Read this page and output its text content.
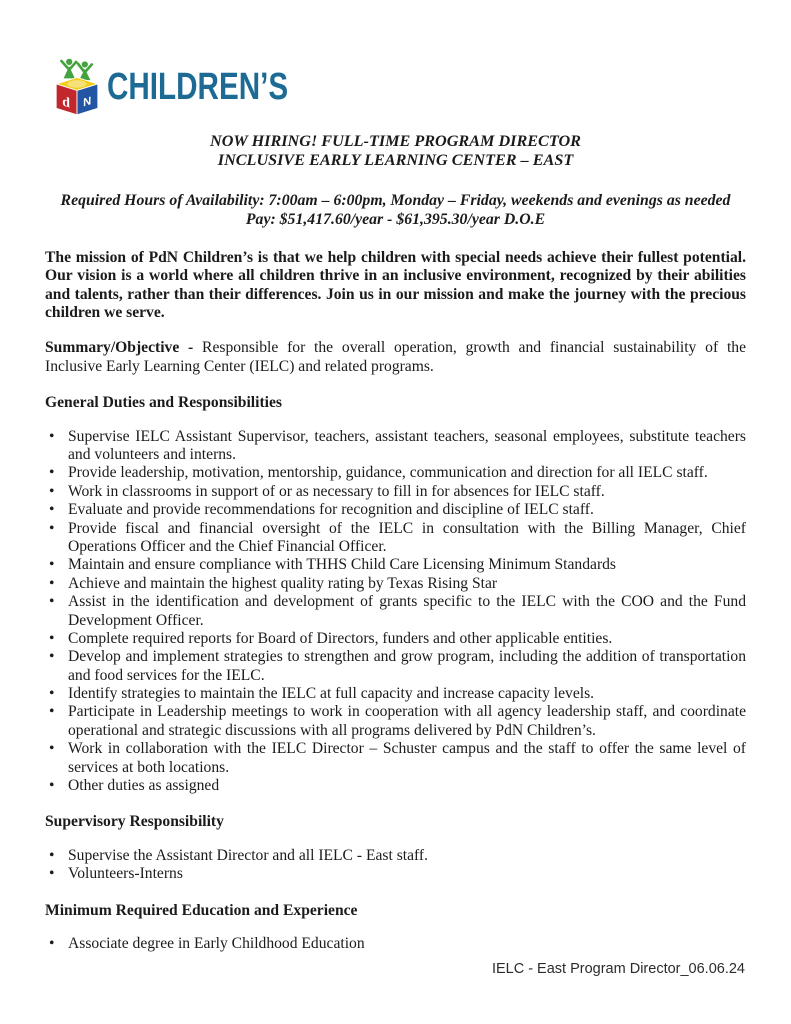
d N CHILDREN’S
NOW HIRING! FULL-TIME PROGRAM DIRECTOR
INCLUSIVE EARLY LEARNING CENTER – EAST
Required Hours of Availability: 7:00am – 6:00pm, Monday – Friday, weekends and evenings as needed
Pay: $51,417.60/year - $61,395.30/year D.O.E

The mission of PdN Children’s is that we help children with special needs achieve their fullest potential. Our vision is a world where all children thrive in an inclusive environment, recognized by their abilities and talents, rather than their differences. Join us in our mission and make the journey with the precious children we serve.

Summary/Objective - Responsible for the overall operation, growth and financial sustainability of the Inclusive Early Learning Center (IELC) and related programs.

General Duties and Responsibilities
• Supervise IELC Assistant Supervisor, teachers, assistant teachers, seasonal employees, substitute teachers and volunteers and interns.
• Provide leadership, motivation, mentorship, guidance, communication and direction for all IELC staff.
• Work in classrooms in support of or as necessary to fill in for absences for IELC staff.
• Evaluate and provide recommendations for recognition and discipline of IELC staff.
• Provide fiscal and financial oversight of the IELC in consultation with the Billing Manager, Chief Operations Officer and the Chief Financial Officer.
• Maintain and ensure compliance with THHS Child Care Licensing Minimum Standards
• Achieve and maintain the highest quality rating by Texas Rising Star
• Assist in the identification and development of grants specific to the IELC with the COO and the Fund Development Officer.
• Complete required reports for Board of Directors, funders and other applicable entities.
• Develop and implement strategies to strengthen and grow program, including the addition of transportation and food services for the IELC.
• Identify strategies to maintain the IELC at full capacity and increase capacity levels.
• Participate in Leadership meetings to work in cooperation with all agency leadership staff, and coordinate operational and strategic discussions with all programs delivered by PdN Children’s.
• Work in collaboration with the IELC Director – Schuster campus and the staff to offer the same level of services at both locations.
• Other duties as assigned
Supervisory Responsibility
• Supervise the Assistant Director and all IELC - East staff.
• Volunteers-Interns
Minimum Required Education and Experience
• Associate degree in Early Childhood Education
IELC - East Program Director_06.06.24
